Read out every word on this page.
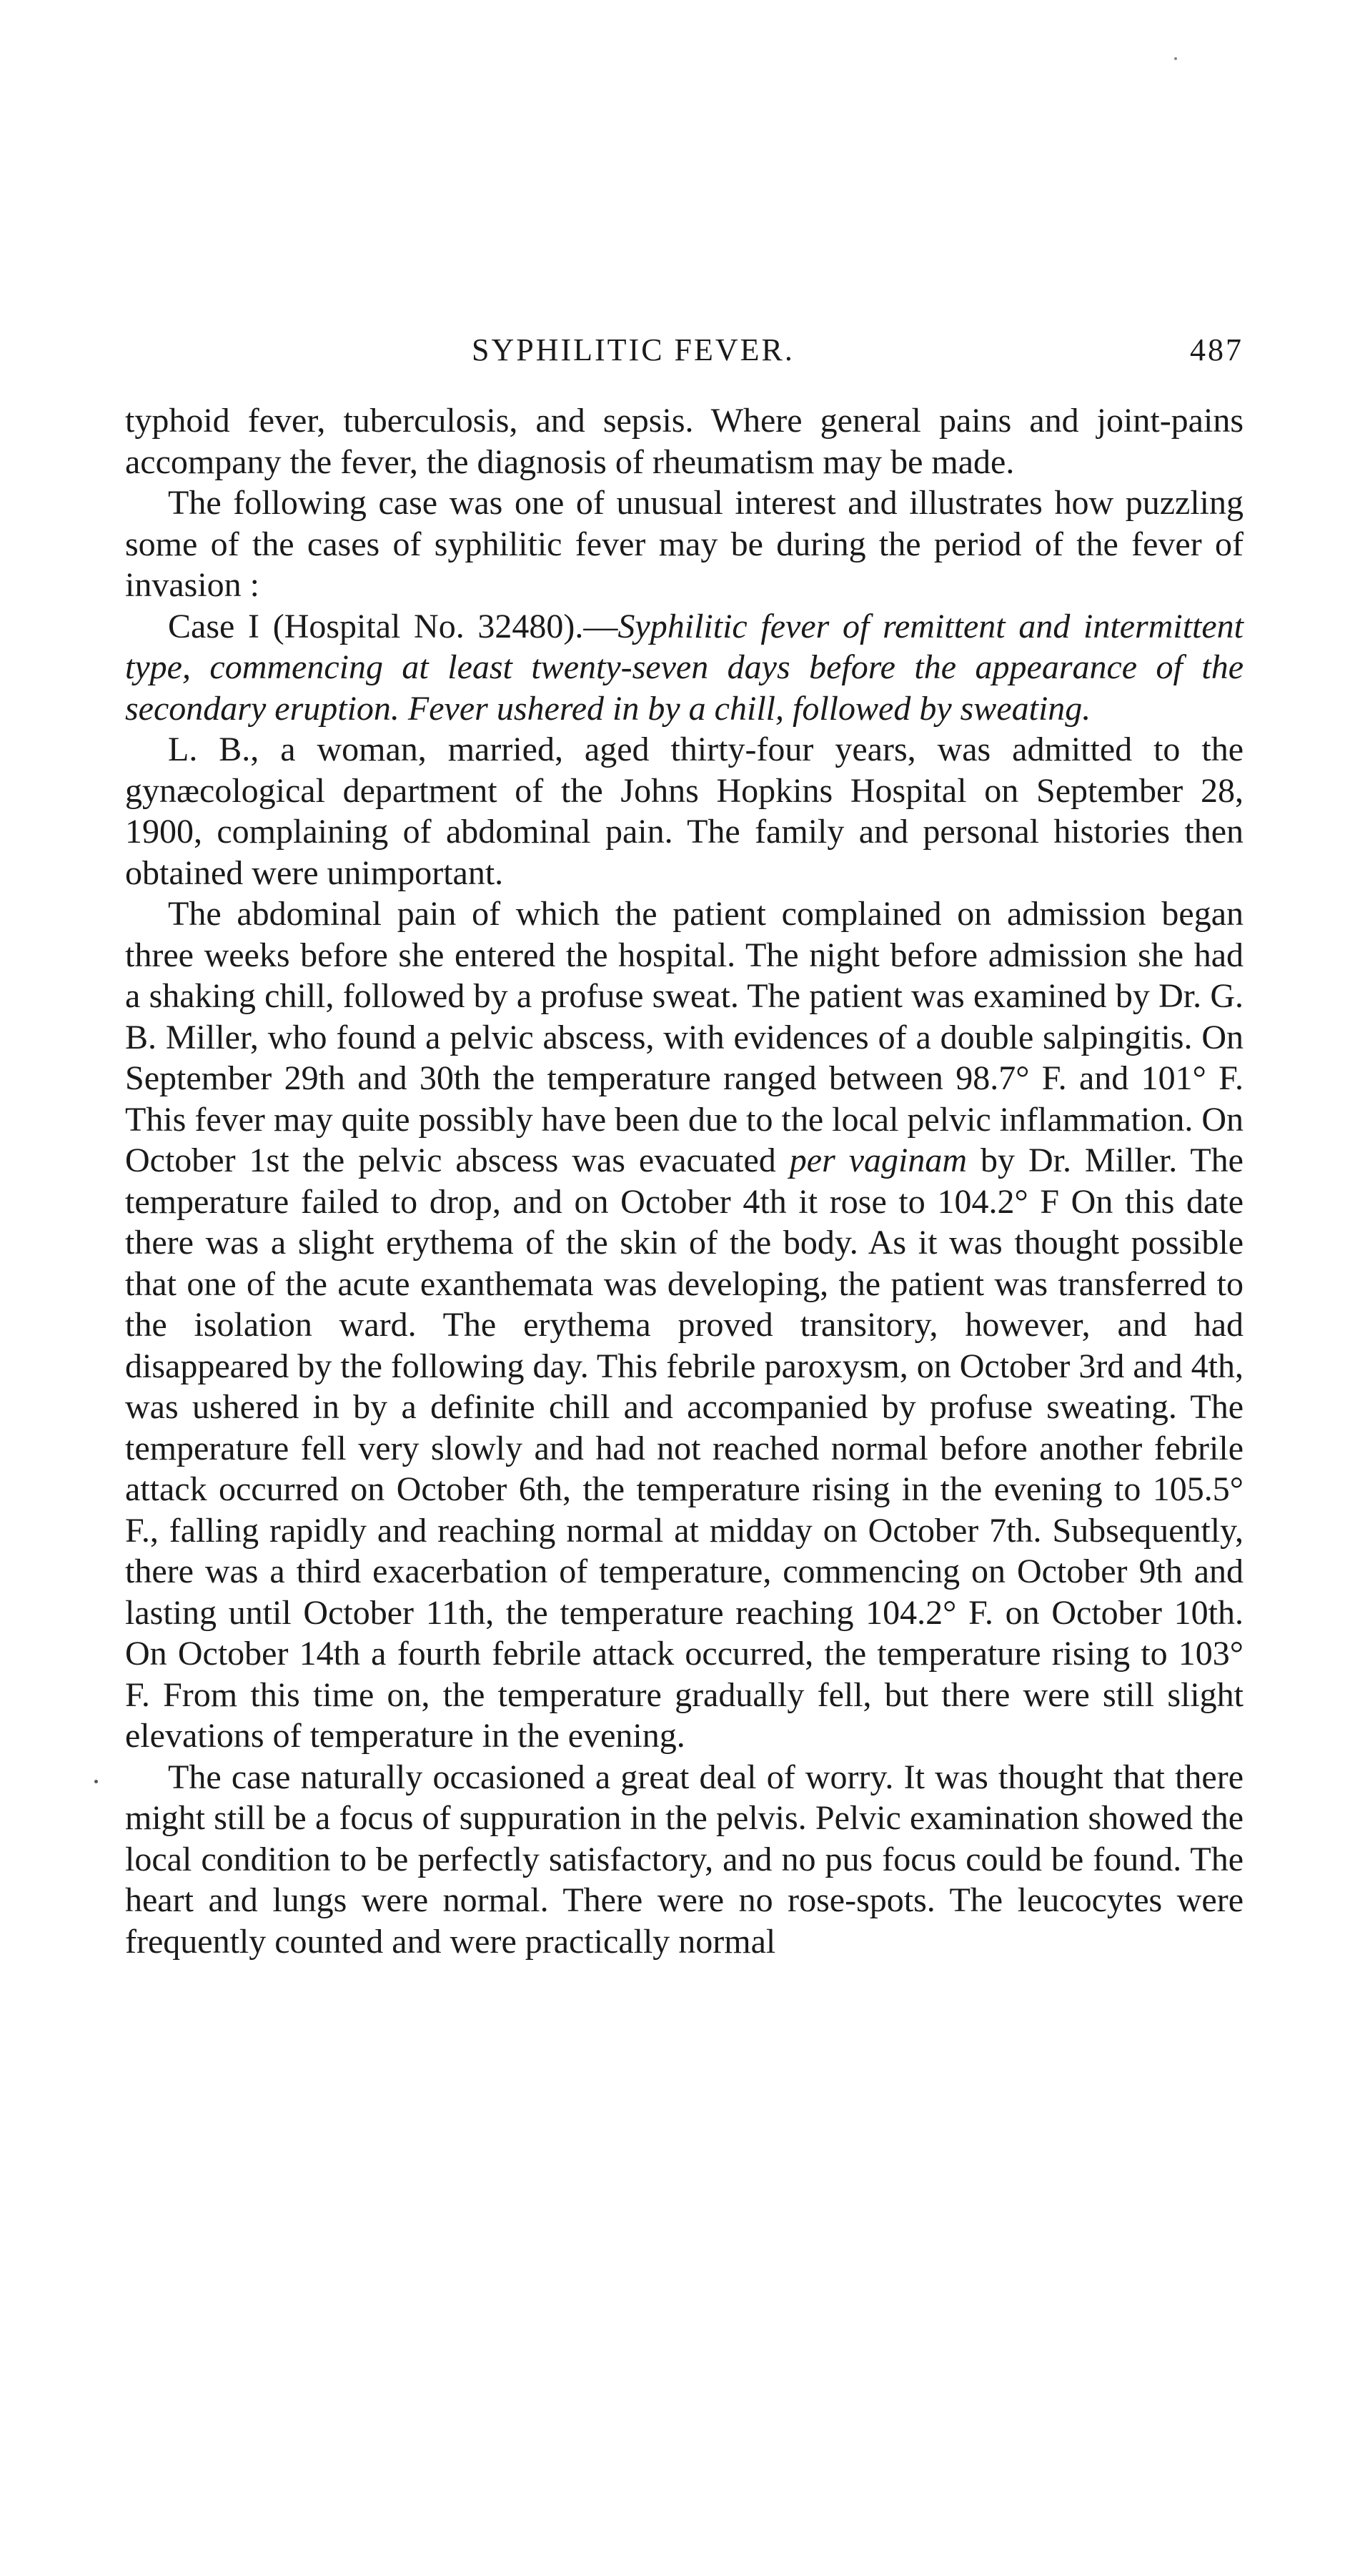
SYPHILITIC FEVER.	487

typhoid fever, tuberculosis, and sepsis. Where general pains and joint-pains accompany the fever, the diagnosis of rheumatism may be made.

The following case was one of unusual interest and illustrates how puzzling some of the cases of syphilitic fever may be during the period of the fever of invasion :

Case I (Hospital No. 32480).—Syphilitic fever of remittent and intermittent type, commencing at least twenty-seven days before the appearance of the secondary eruption. Fever ushered in by a chill, followed by sweating.

L. B., a woman, married, aged thirty-four years, was admitted to the gynæcological department of the Johns Hopkins Hospital on September 28, 1900, complaining of abdominal pain. The family and personal histories then obtained were unimportant.

The abdominal pain of which the patient complained on admission began three weeks before she entered the hospital. The night before admission she had a shaking chill, followed by a profuse sweat. The patient was examined by Dr. G. B. Miller, who found a pelvic abscess, with evidences of a double salpingitis. On September 29th and 30th the temperature ranged between 98.7° F. and 101° F. This fever may quite possibly have been due to the local pelvic inflammation. On October 1st the pelvic abscess was evacuated per vaginam by Dr. Miller. The temperature failed to drop, and on October 4th it rose to 104.2° F On this date there was a slight erythema of the skin of the body. As it was thought possible that one of the acute exanthemata was developing, the patient was transferred to the isolation ward. The erythema proved transitory, however, and had disappeared by the following day. This febrile paroxysm, on October 3rd and 4th, was ushered in by a definite chill and accompanied by profuse sweating. The temperature fell very slowly and had not reached normal before another febrile attack occurred on October 6th, the temperature rising in the evening to 105.5° F., falling rapidly and reaching normal at midday on October 7th. Subsequently, there was a third exacerbation of temperature, commencing on October 9th and lasting until October 11th, the temperature reaching 104.2° F. on October 10th. On October 14th a fourth febrile attack occurred, the temperature rising to 103° F. From this time on, the temperature gradually fell, but there were still slight elevations of temperature in the evening.

The case naturally occasioned a great deal of worry. It was thought that there might still be a focus of suppuration in the pelvis. Pelvic examination showed the local condition to be perfectly satisfactory, and no pus focus could be found. The heart and lungs were normal. There were no rose-spots. The leucocytes were frequently counted and were practically normal
